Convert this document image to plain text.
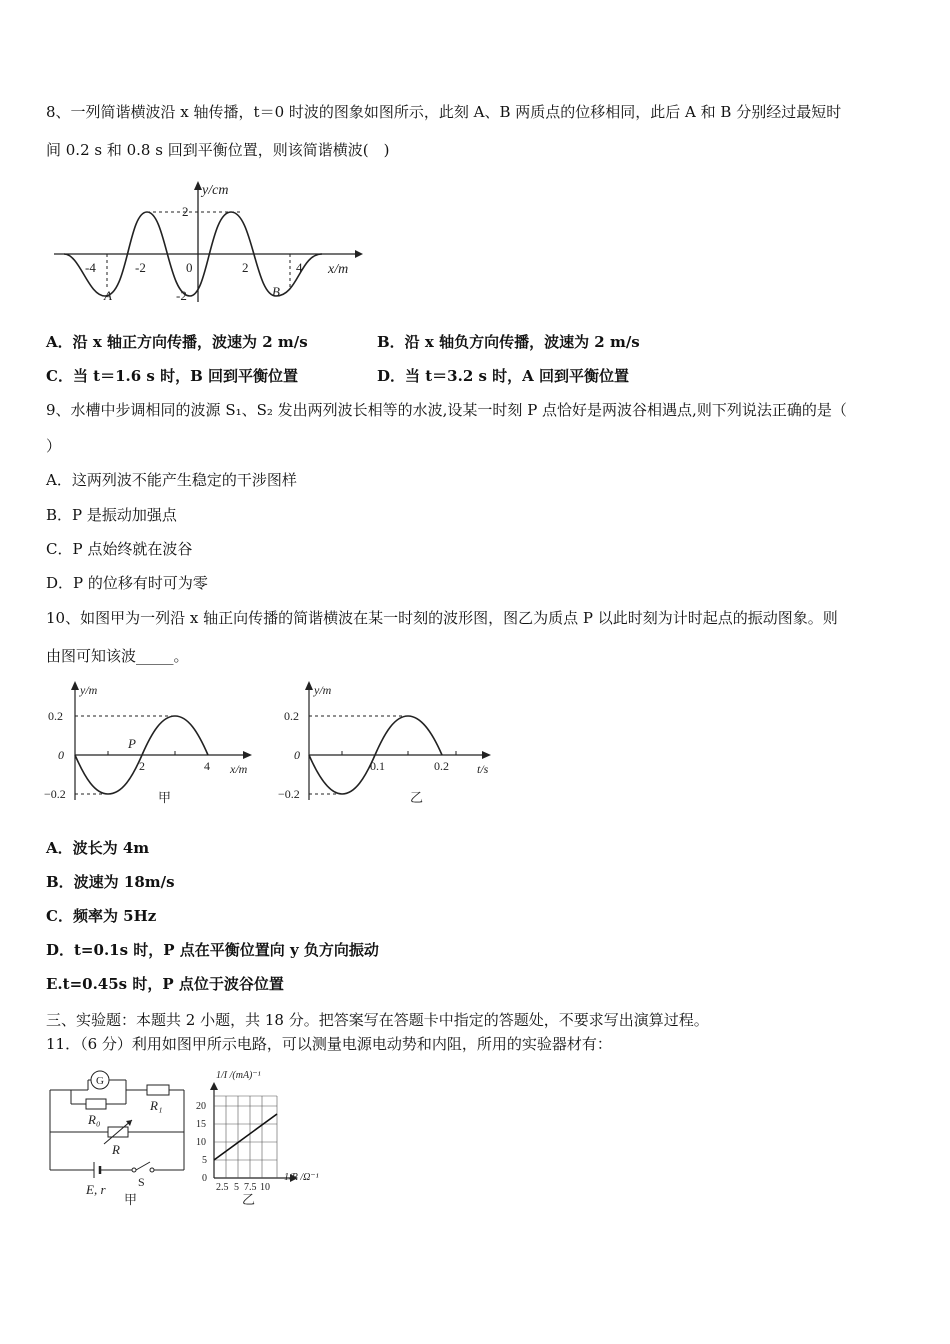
8、一列简谐横波沿 x 轴传播，t＝0 时波的图象如图所示，此刻 A、B 两质点的位移相同，此后 A 和 B 分别经过最短时
间 0.2 s 和 0.8 s 回到平衡位置，则该简谐横波(　)
y/cm
x/m
2
-2
-4	-2	0	2	4
A	B
A．沿 x 轴正方向传播，波速为 2 m/s	B．沿 x 轴负方向传播，波速为 2 m/s
C．当 t＝1.6 s 时，B 回到平衡位置	D．当 t＝3.2 s 时，A 回到平衡位置
9、水槽中步调相同的波源 S₁、S₂ 发出两列波长相等的水波,设某一时刻 P 点恰好是两波谷相遇点,则下列说法正确的是（
）
A．这两列波不能产生稳定的干涉图样
B．P 是振动加强点
C．P 点始终就在波谷
D．P 的位移有时可为零
10、如图甲为一列沿 x 轴正向传播的简谐横波在某一时刻的波形图，图乙为质点 P 以此时刻为计时起点的振动图象。则
由图可知该波_____。
y/m
0.2
0
−0.2
P
2	4 x/m
甲
y/m
0.2
0
−0.2
0.1	0.2 t/s
乙
A．波长为 4m
B．波速为 18m/s
C．频率为 5Hz
D．t=0.1s 时，P 点在平衡位置向 y 负方向振动
E.t=0.45s 时，P 点位于波谷位置
三、实验题：本题共 2 小题，共 18 分。把答案写在答题卡中指定的答题处，不要求写出演算过程。
11．（6 分）利用如图甲所示电路，可以测量电源电动势和内阻，所用的实验器材有：
G
R₁
R₀
R
E, r	S
甲
1/I /(mA)⁻¹
20
15
10
5
0
2.5 5 7.5 10
1/R /Ω⁻¹
乙
